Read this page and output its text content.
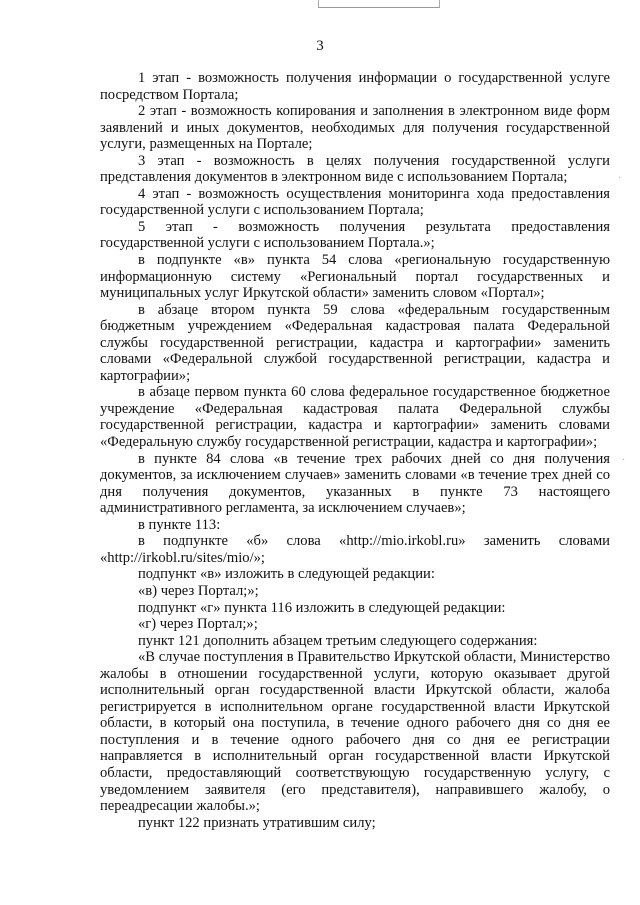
·
·
3

1 этап - возможность получения информации о государственной услуге посредством Портала;

2 этап - возможность копирования и заполнения в электронном виде форм заявлений и иных документов, необходимых для получения государственной услуги, размещенных на Портале;

3 этап - возможность в целях получения государственной услуги представления документов в электронном виде с использованием Портала;

4 этап - возможность осуществления мониторинга хода предоставления государственной услуги с использованием Портала;

5 этап - возможность получения результата предоставления государственной услуги с использованием Портала.»;

в подпункте «в» пункта 54 слова «региональную государственную информационную систему «Региональный портал государственных и муниципальных услуг Иркутской области» заменить словом «Портал»;

в абзаце втором пункта 59 слова «федеральным государственным бюджетным учреждением «Федеральная кадастровая палата Федеральной службы государственной регистрации, кадастра и картографии» заменить словами «Федеральной службой государственной регистрации, кадастра и картографии»;

в абзаце первом пункта 60 слова федеральное государственное бюджетное учреждение «Федеральная кадастровая палата Федеральной службы государственной регистрации, кадастра и картографии» заменить словами «Федеральную службу государственной регистрации, кадастра и картографии»;

в пункте 84 слова «в течение трех рабочих дней со дня получения документов, за исключением случаев» заменить словами «в течение трех дней со дня получения документов, указанных в пункте 73 настоящего административного регламента, за исключением случаев»;

в пункте 113:

в подпункте «б» слова «http://mio.irkobl.ru» заменить словами «http://irkobl.ru/sites/mio/»;

подпункт «в» изложить в следующей редакции:

«в) через Портал;»;

подпункт «г» пункта 116 изложить в следующей редакции:

«г) через Портал;»;

пункт 121 дополнить абзацем третьим следующего содержания:

«В случае поступления в Правительство Иркутской области, Министерство жалобы в отношении государственной услуги, которую оказывает другой исполнительный орган государственной власти Иркутской области, жалоба регистрируется в исполнительном органе государственной власти Иркутской области, в который она поступила, в течение одного рабочего дня со дня ее поступления и в течение одного рабочего дня со дня ее регистрации направляется в исполнительный орган государственной власти Иркутской области, предоставляющий соответствующую государственную услугу, с уведомлением заявителя (его представителя), направившего жалобу, о переадресации жалобы.»;

пункт 122 признать утратившим силу;
